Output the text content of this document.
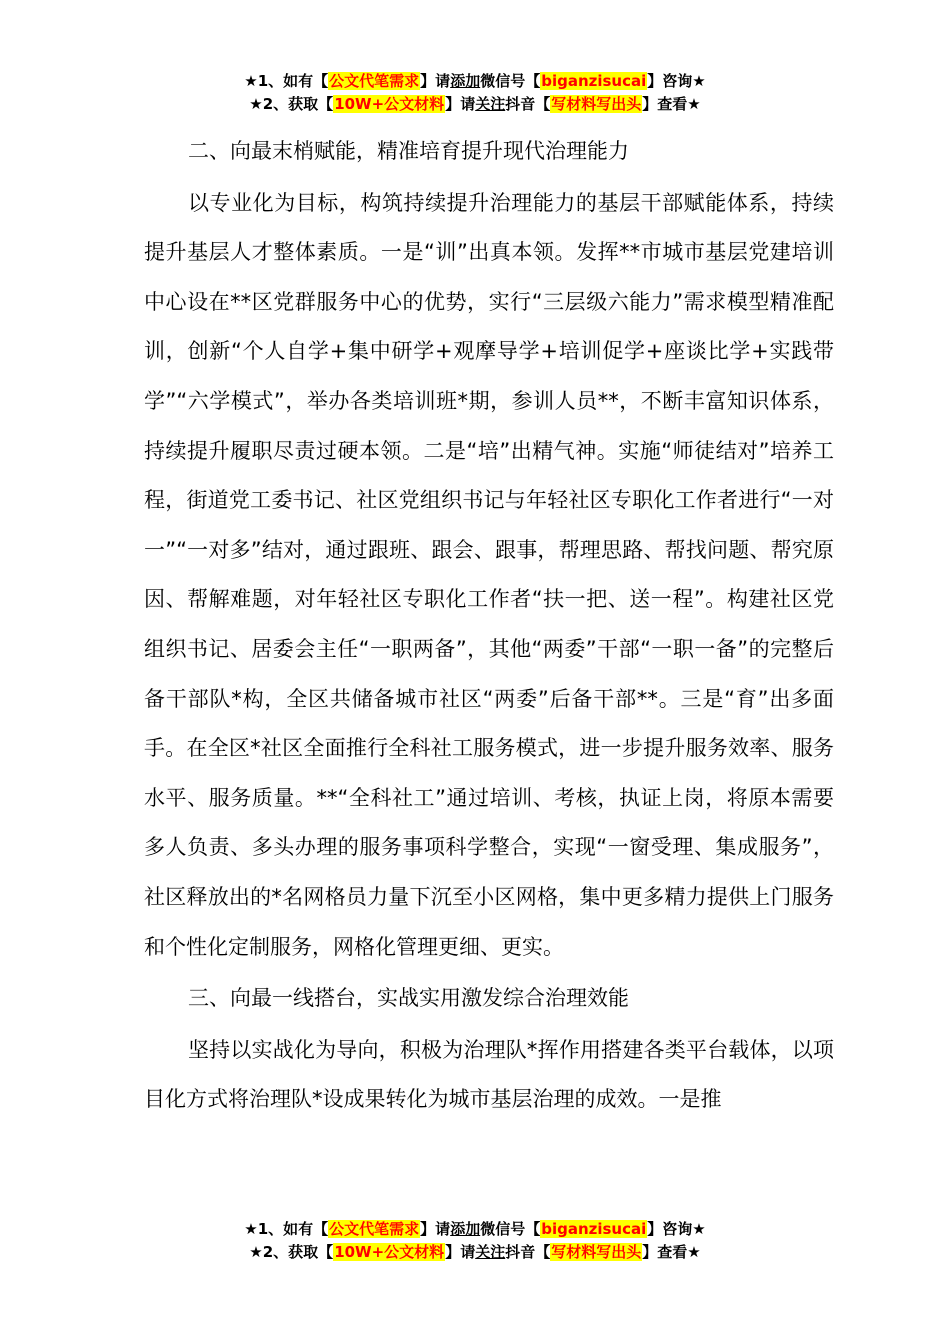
★1、如有【公文代笔需求】请添加微信号【biganzisucai】咨询★
★2、获取【10W+公文材料】请关注抖音【写材料写出头】查看★

二、向最末梢赋能，精准培育提升现代治理能力

以专业化为目标，构筑持续提升治理能力的基层干部赋能体系，持续提升基层人才整体素质。一是“训”出真本领。发挥**市城市基层党建培训中心设在**区党群服务中心的优势，实行“三层级六能力”需求模型精准配训，创新“个人自学+集中研学+观摩导学+培训促学+座谈比学+实践带学”“六学模式”，举办各类培训班*期，参训人员**，不断丰富知识体系，持续提升履职尽责过硬本领。二是“培”出精气神。实施“师徒结对”培养工程，街道党工委书记、社区党组织书记与年轻社区专职化工作者进行“一对一”“一对多”结对，通过跟班、跟会、跟事，帮理思路、帮找问题、帮究原因、帮解难题，对年轻社区专职化工作者“扶一把、送一程”。构建社区党组织书记、居委会主任“一职两备”，其他“两委”干部“一职一备”的完整后备干部队*构，全区共储备城市社区“两委”后备干部**。三是“育”出多面手。在全区*社区全面推行全科社工服务模式，进一步提升服务效率、服务水平、服务质量。**“全科社工”通过培训、考核，执证上岗，将原本需要多人负责、多头办理的服务事项科学整合，实现“一窗受理、集成服务”，社区释放出的*名网格员力量下沉至小区网格，集中更多精力提供上门服务和个性化定制服务，网格化管理更细、更实。

三、向最一线搭台，实战实用激发综合治理效能

坚持以实战化为导向，积极为治理队*挥作用搭建各类平台载体，以项目化方式将治理队*设成果转化为城市基层治理的成效。一是推

★1、如有【公文代笔需求】请添加微信号【biganzisucai】咨询★
★2、获取【10W+公文材料】请关注抖音【写材料写出头】查看★
